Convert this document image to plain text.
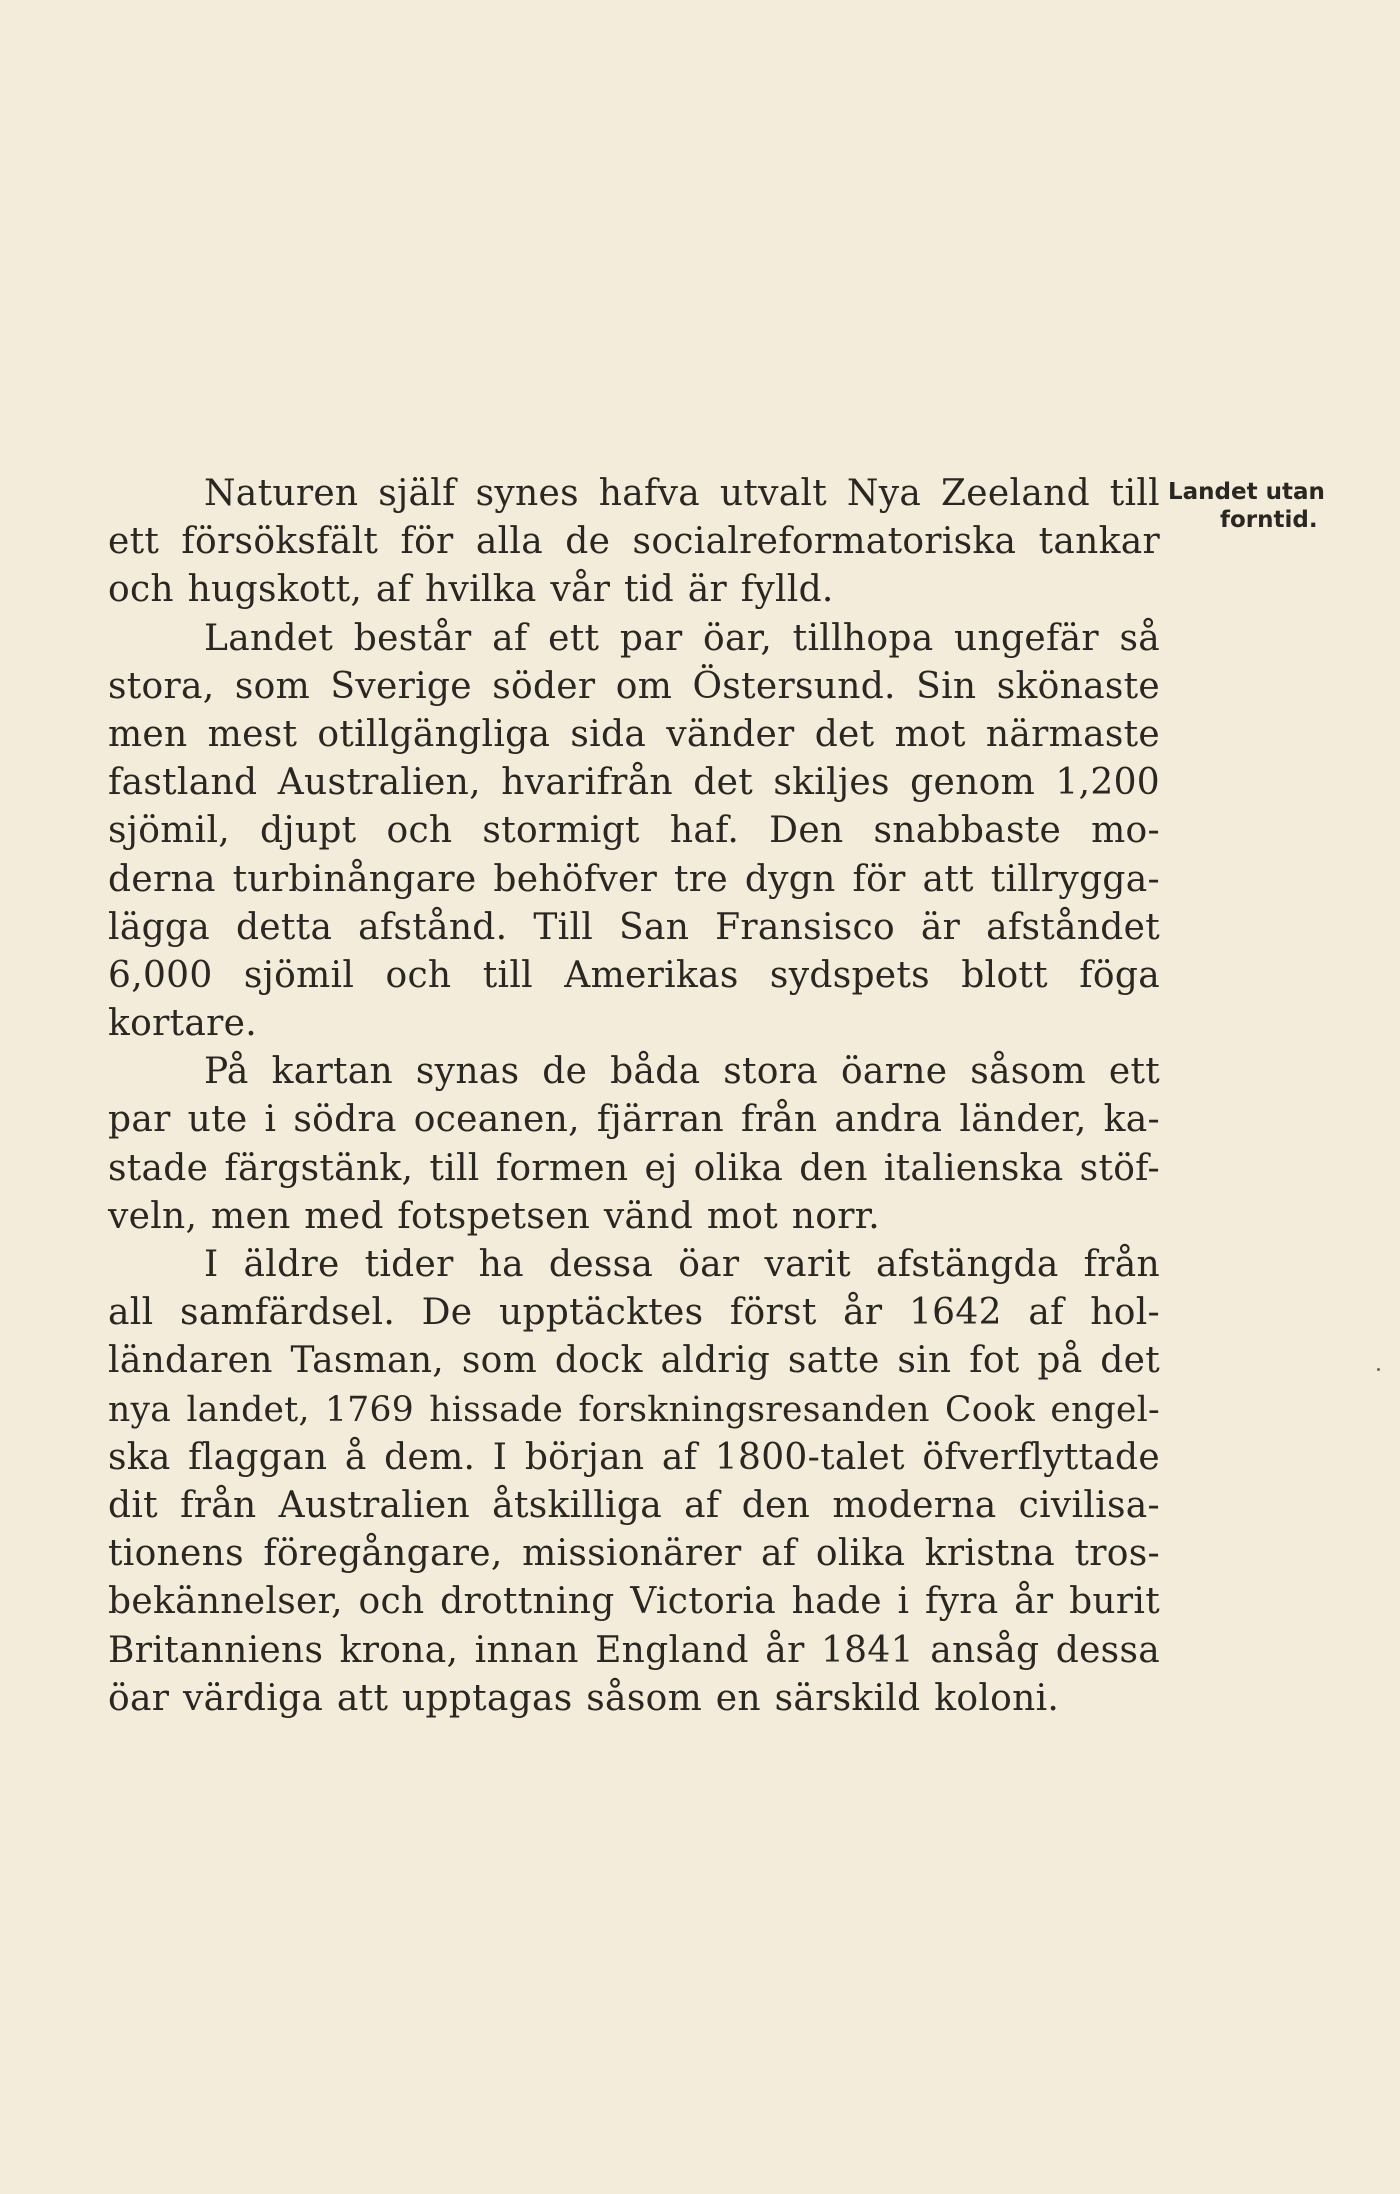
Landet utan
forntid.
Naturen själf synes hafva utvalt Nya Zeeland till
ett försöksfält för alla de socialreformatoriska tankar
och hugskott, af hvilka vår tid är fylld.
Landet består af ett par öar, tillhopa ungefär så
stora, som Sverige söder om Östersund. Sin skönaste
men mest otillgängliga sida vänder det mot närmaste
fastland Australien, hvarifrån det skiljes genom 1,200
sjömil, djupt och stormigt haf. Den snabbaste mo-
derna turbinångare behöfver tre dygn för att tillrygga-
lägga detta afstånd. Till San Fransisco är afståndet
6,000 sjömil och till Amerikas sydspets blott föga
kortare.
På kartan synas de båda stora öarne såsom ett
par ute i södra oceanen, fjärran från andra länder, ka-
stade färgstänk, till formen ej olika den italienska stöf-
veln, men med fotspetsen vänd mot norr.
I äldre tider ha dessa öar varit afstängda från
all samfärdsel. De upptäcktes först år 1642 af hol-
ländaren Tasman, som dock aldrig satte sin fot på det
nya landet, 1769 hissade forskningsresanden Cook engel-
ska flaggan å dem. I början af 1800-talet öfverflyttade
dit från Australien åtskilliga af den moderna civilisa-
tionens föregångare, missionärer af olika kristna tros-
bekännelser, och drottning Victoria hade i fyra år burit
Britanniens krona, innan England år 1841 ansåg dessa
öar värdiga att upptagas såsom en särskild koloni.
